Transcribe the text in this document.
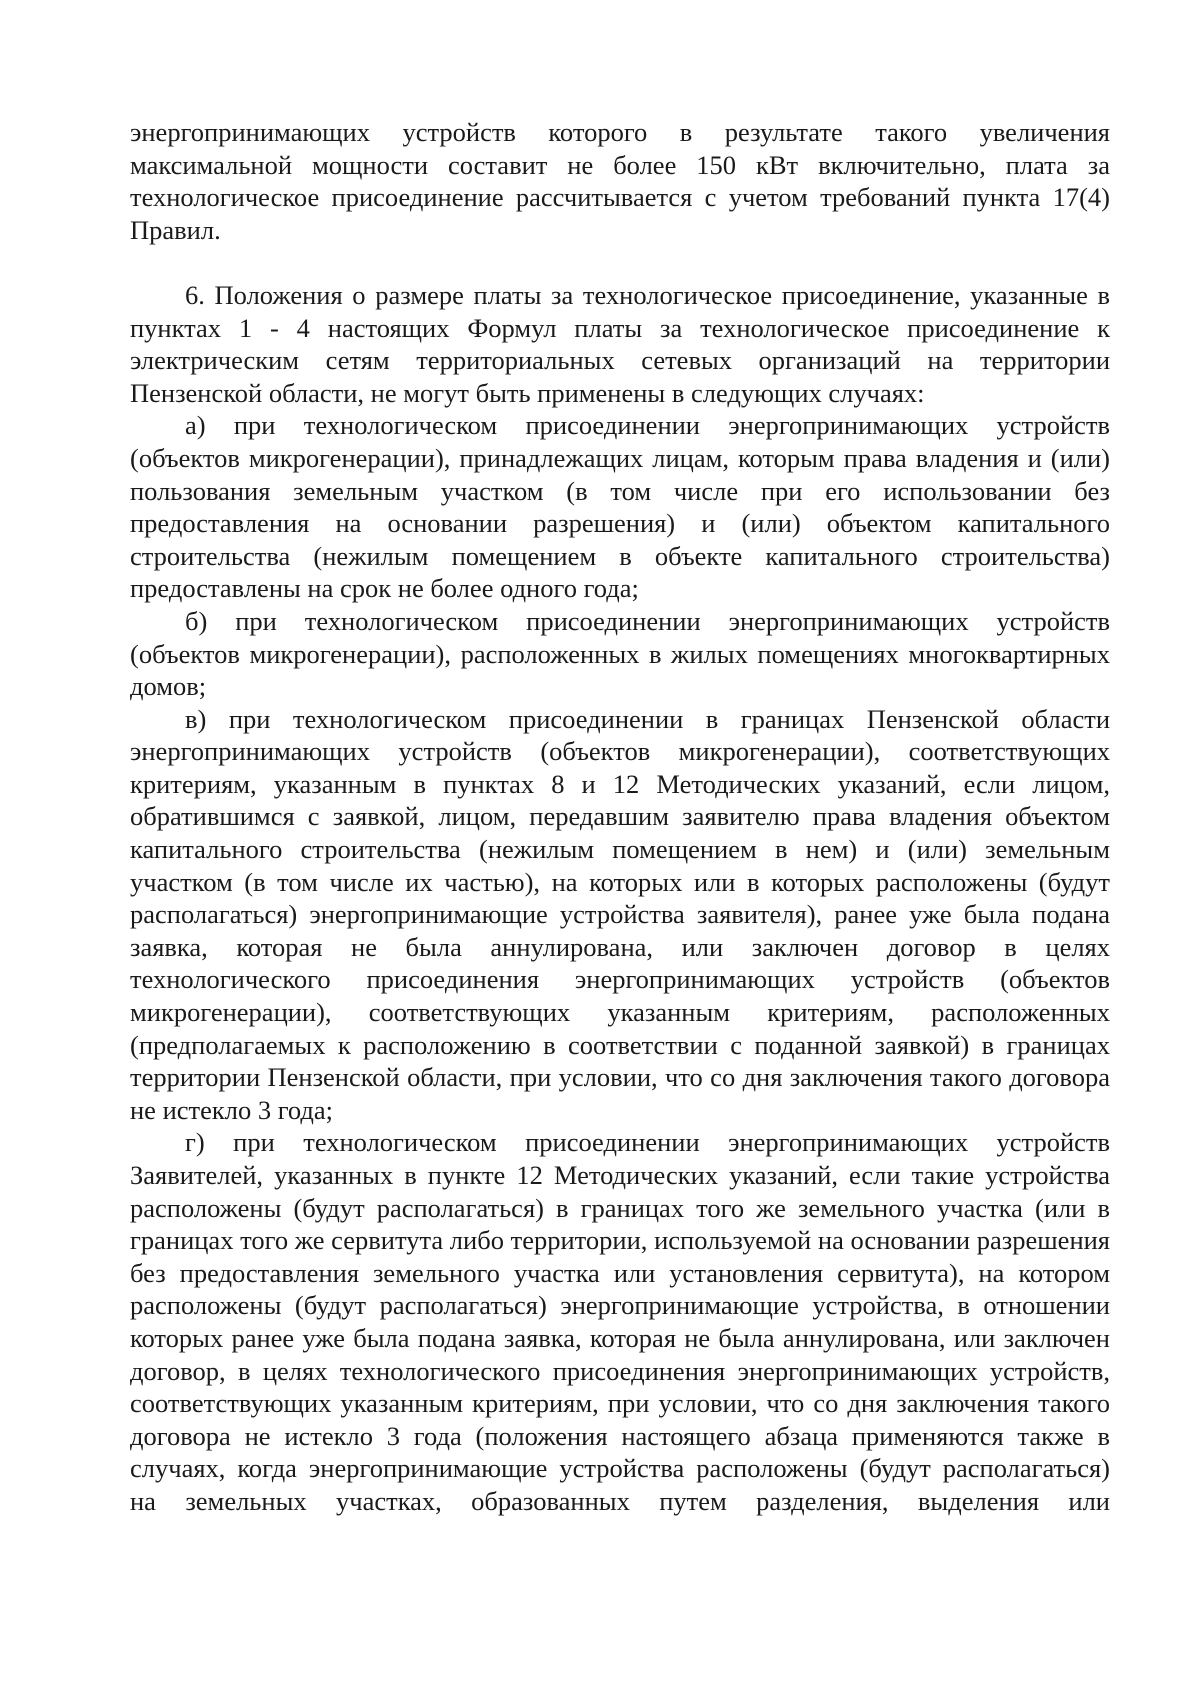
энергопринимающих устройств которого в результате такого увеличения максимальной мощности составит не более 150 кВт включительно, плата за технологическое присоединение рассчитывается с учетом требований пункта 17(4) Правил.

6. Положения о размере платы за технологическое присоединение, указанные в пунктах 1 - 4 настоящих Формул платы за технологическое присоединение к электрическим сетям территориальных сетевых организаций на территории Пензенской области, не могут быть применены в следующих случаях:

а) при технологическом присоединении энергопринимающих устройств (объектов микрогенерации), принадлежащих лицам, которым права владения и (или) пользования земельным участком (в том числе при его использовании без предоставления на основании разрешения) и (или) объектом капитального строительства (нежилым помещением в объекте капитального строительства) предоставлены на срок не более одного года;

б) при технологическом присоединении энергопринимающих устройств (объектов микрогенерации), расположенных в жилых помещениях многоквартирных домов;

в) при технологическом присоединении в границах Пензенской области энергопринимающих устройств (объектов микрогенерации), соответствующих критериям, указанным в пунктах 8 и 12 Методических указаний, если лицом, обратившимся с заявкой, лицом, передавшим заявителю права владения объектом капитального строительства (нежилым помещением в нем) и (или) земельным участком (в том числе их частью), на которых или в которых расположены (будут располагаться) энергопринимающие устройства заявителя), ранее уже была подана заявка, которая не была аннулирована, или заключен договор в целях технологического присоединения энергопринимающих устройств (объектов микрогенерации), соответствующих указанным критериям, расположенных (предполагаемых к расположению в соответствии с поданной заявкой) в границах территории Пензенской области, при условии, что со дня заключения такого договора не истекло 3 года;

г) при технологическом присоединении энергопринимающих устройств Заявителей, указанных в пункте 12 Методических указаний, если такие устройства расположены (будут располагаться) в границах того же земельного участка (или в границах того же сервитута либо территории, используемой на основании разрешения без предоставления земельного участка или установления сервитута), на котором расположены (будут располагаться) энергопринимающие устройства, в отношении которых ранее уже была подана заявка, которая не была аннулирована, или заключен договор, в целях технологического присоединения энергопринимающих устройств, соответствующих указанным критериям, при условии, что со дня заключения такого договора не истекло 3 года (положения настоящего абзаца применяются также в случаях, когда энергопринимающие устройства расположены (будут располагаться) на земельных участках, образованных путем разделения, выделения или
